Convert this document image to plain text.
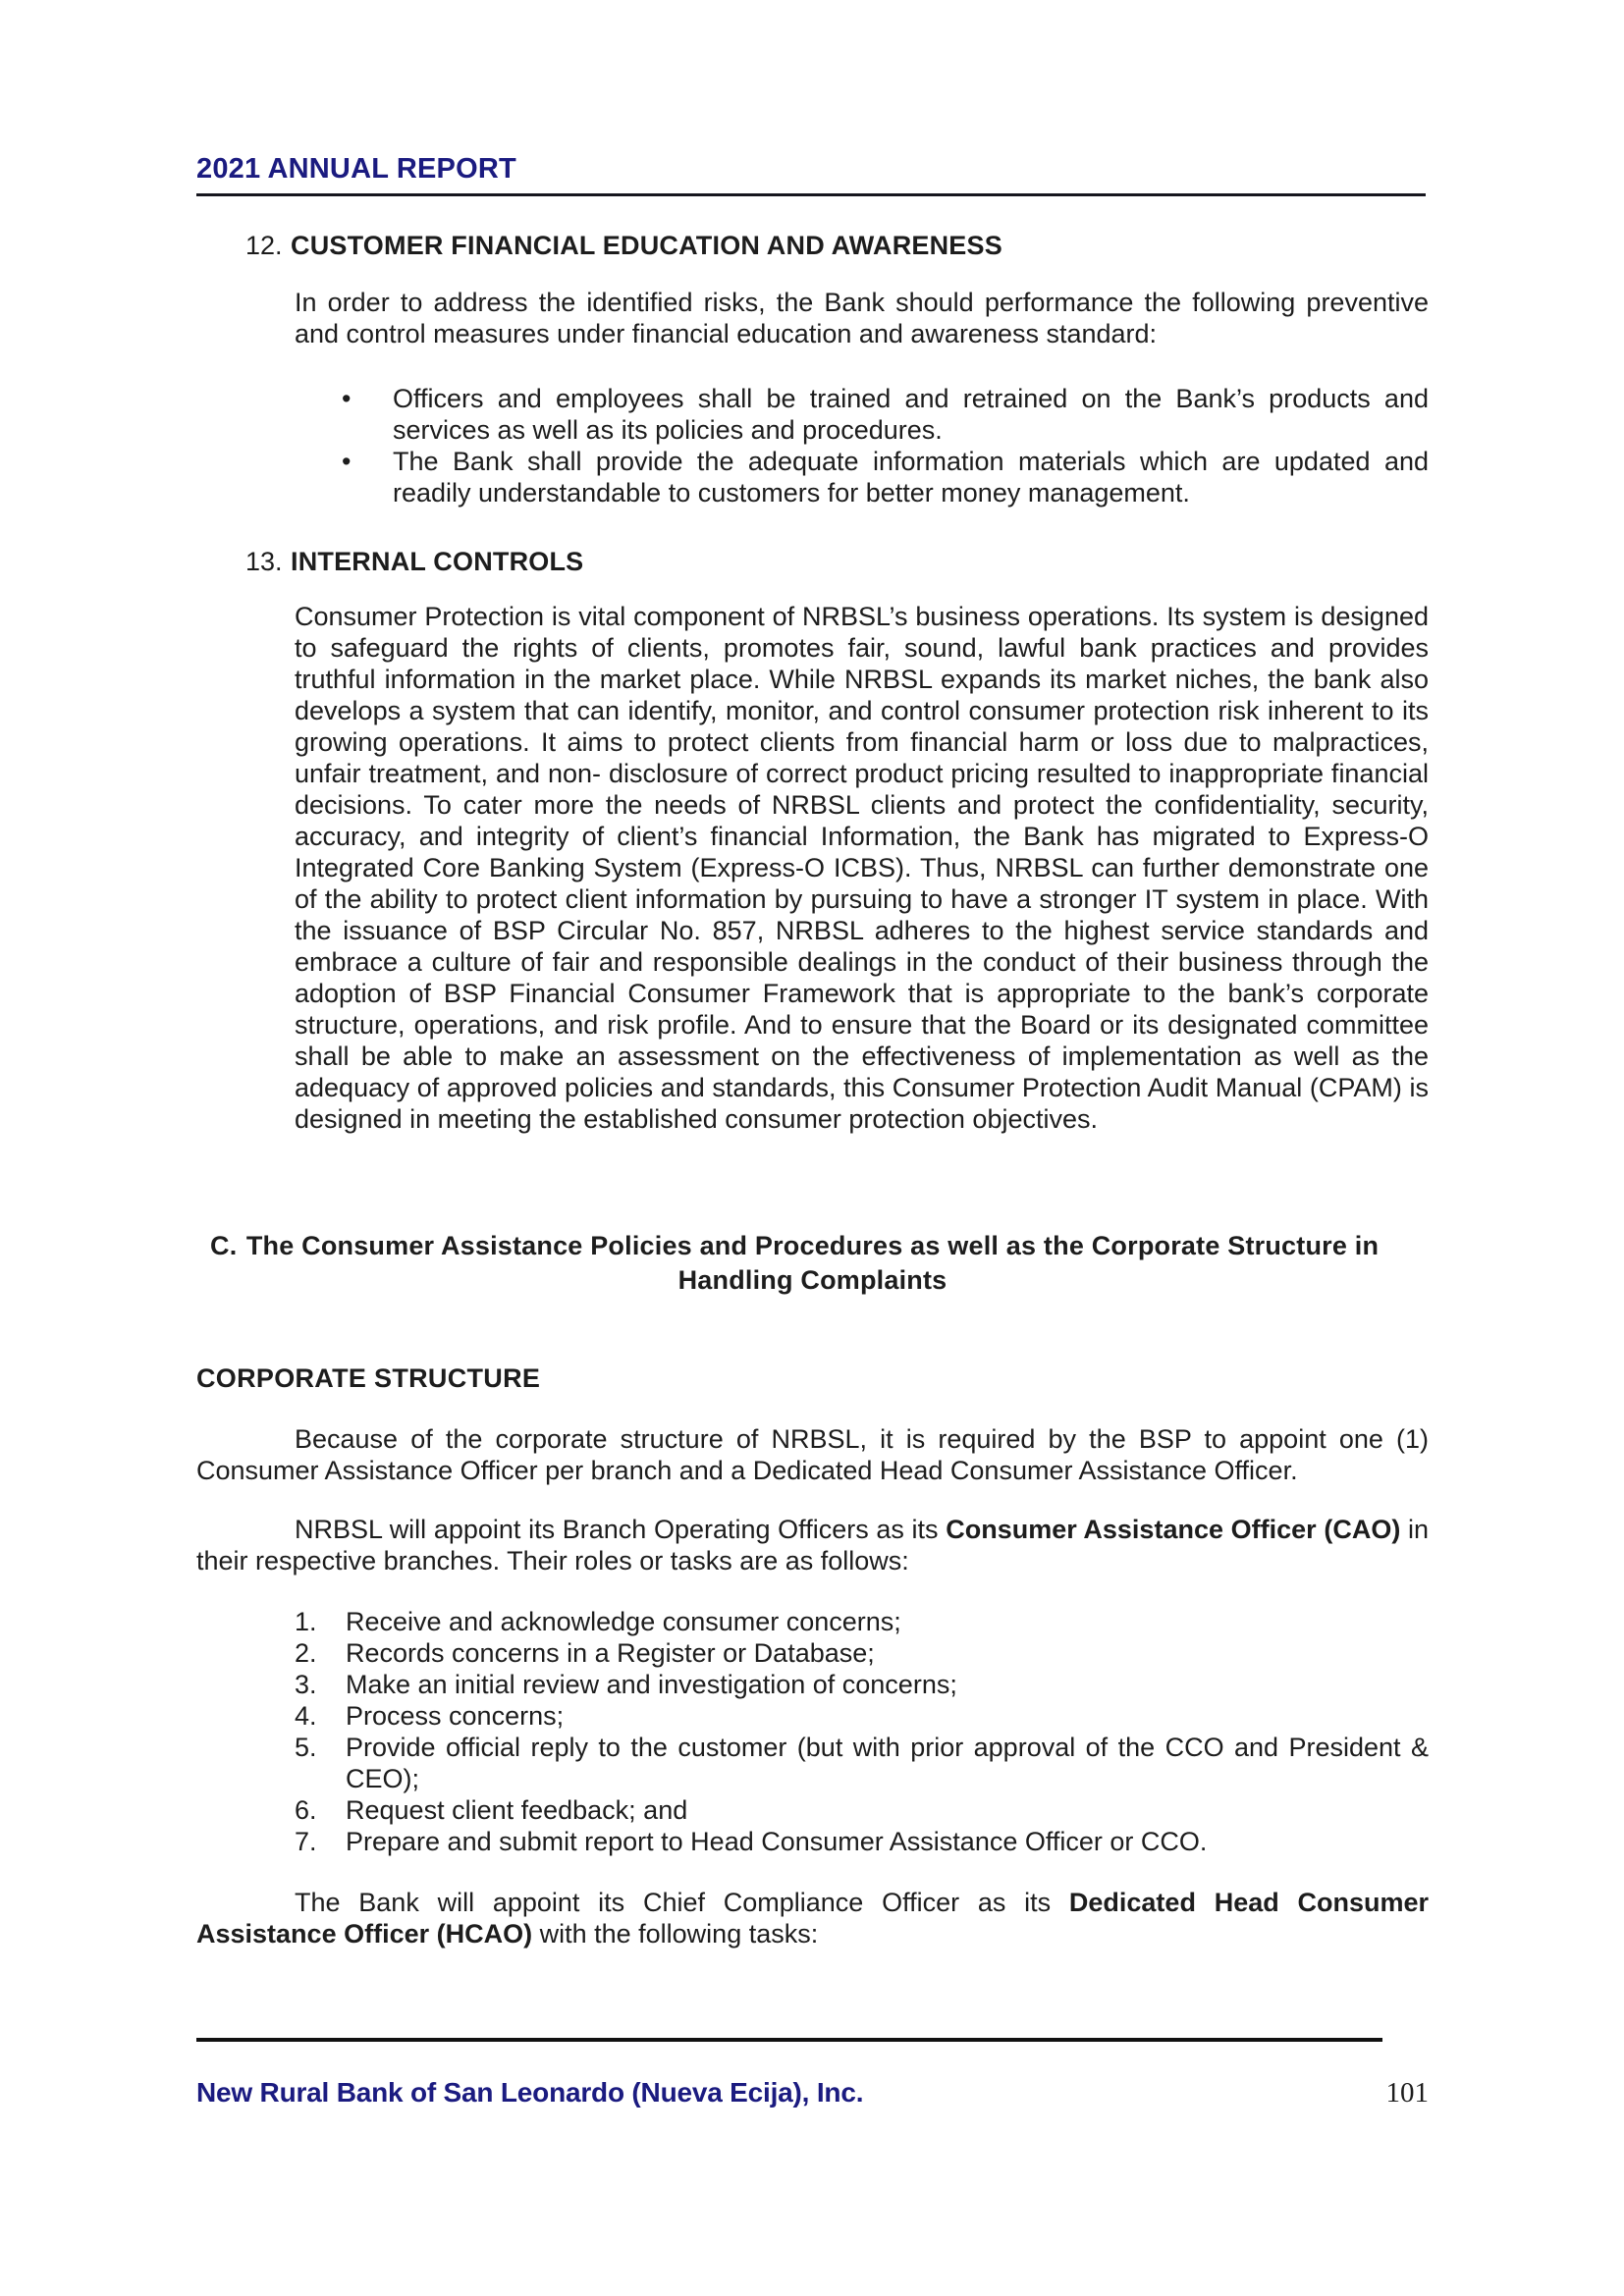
2021 ANNUAL REPORT
12. CUSTOMER FINANCIAL EDUCATION AND AWARENESS

In order to address the identified risks, the Bank should performance the following preventive and control measures under financial education and awareness standard:

•	Officers and employees shall be trained and retrained on the Bank’s products and services as well as its policies and procedures.
•	The Bank shall provide the adequate information materials which are updated and readily understandable to customers for better money management.
13. INTERNAL CONTROLS

Consumer Protection is vital component of NRBSL’s business operations. Its system is designed to safeguard the rights of clients, promotes fair, sound, lawful bank practices and provides truthful information in the market place. While NRBSL expands its market niches, the bank also develops a system that can identify, monitor, and control consumer protection risk inherent to its growing operations. It aims to protect clients from financial harm or loss due to malpractices, unfair treatment, and non- disclosure of correct product pricing resulted to inappropriate financial decisions. To cater more the needs of NRBSL clients and protect the confidentiality, security, accuracy, and integrity of client’s financial Information, the Bank has migrated to Express-O Integrated Core Banking System (Express-O ICBS). Thus, NRBSL can further demonstrate one of the ability to protect client information by pursuing to have a stronger IT system in place. With the issuance of BSP Circular No. 857, NRBSL adheres to the highest service standards and embrace a culture of fair and responsible dealings in the conduct of their business through the adoption of BSP Financial Consumer Framework that is appropriate to the bank’s corporate structure, operations, and risk profile. And to ensure that the Board or its designated committee shall be able to make an assessment on the effectiveness of implementation as well as the adequacy of approved policies and standards, this Consumer Protection Audit Manual (CPAM) is designed in meeting the established consumer protection objectives.

C. The Consumer Assistance Policies and Procedures as well as the Corporate Structure in
Handling Complaints
CORPORATE STRUCTURE

Because of the corporate structure of NRBSL, it is required by the BSP to appoint one (1) Consumer Assistance Officer per branch and a Dedicated Head Consumer Assistance Officer.

NRBSL will appoint its Branch Operating Officers as its Consumer Assistance Officer (CAO) in their respective branches. Their roles or tasks are as follows:

1.	Receive and acknowledge consumer concerns;
2.	Records concerns in a Register or Database;
3.	Make an initial review and investigation of concerns;
4.	Process concerns;
5.	Provide official reply to the customer (but with prior approval of the CCO and President & CEO);
6.	Request client feedback; and
7.	Prepare and submit report to Head Consumer Assistance Officer or CCO.

The Bank will appoint its Chief Compliance Officer as its Dedicated Head Consumer Assistance Officer (HCAO) with the following tasks:

New Rural Bank of San Leonardo (Nueva Ecija), Inc.	101
